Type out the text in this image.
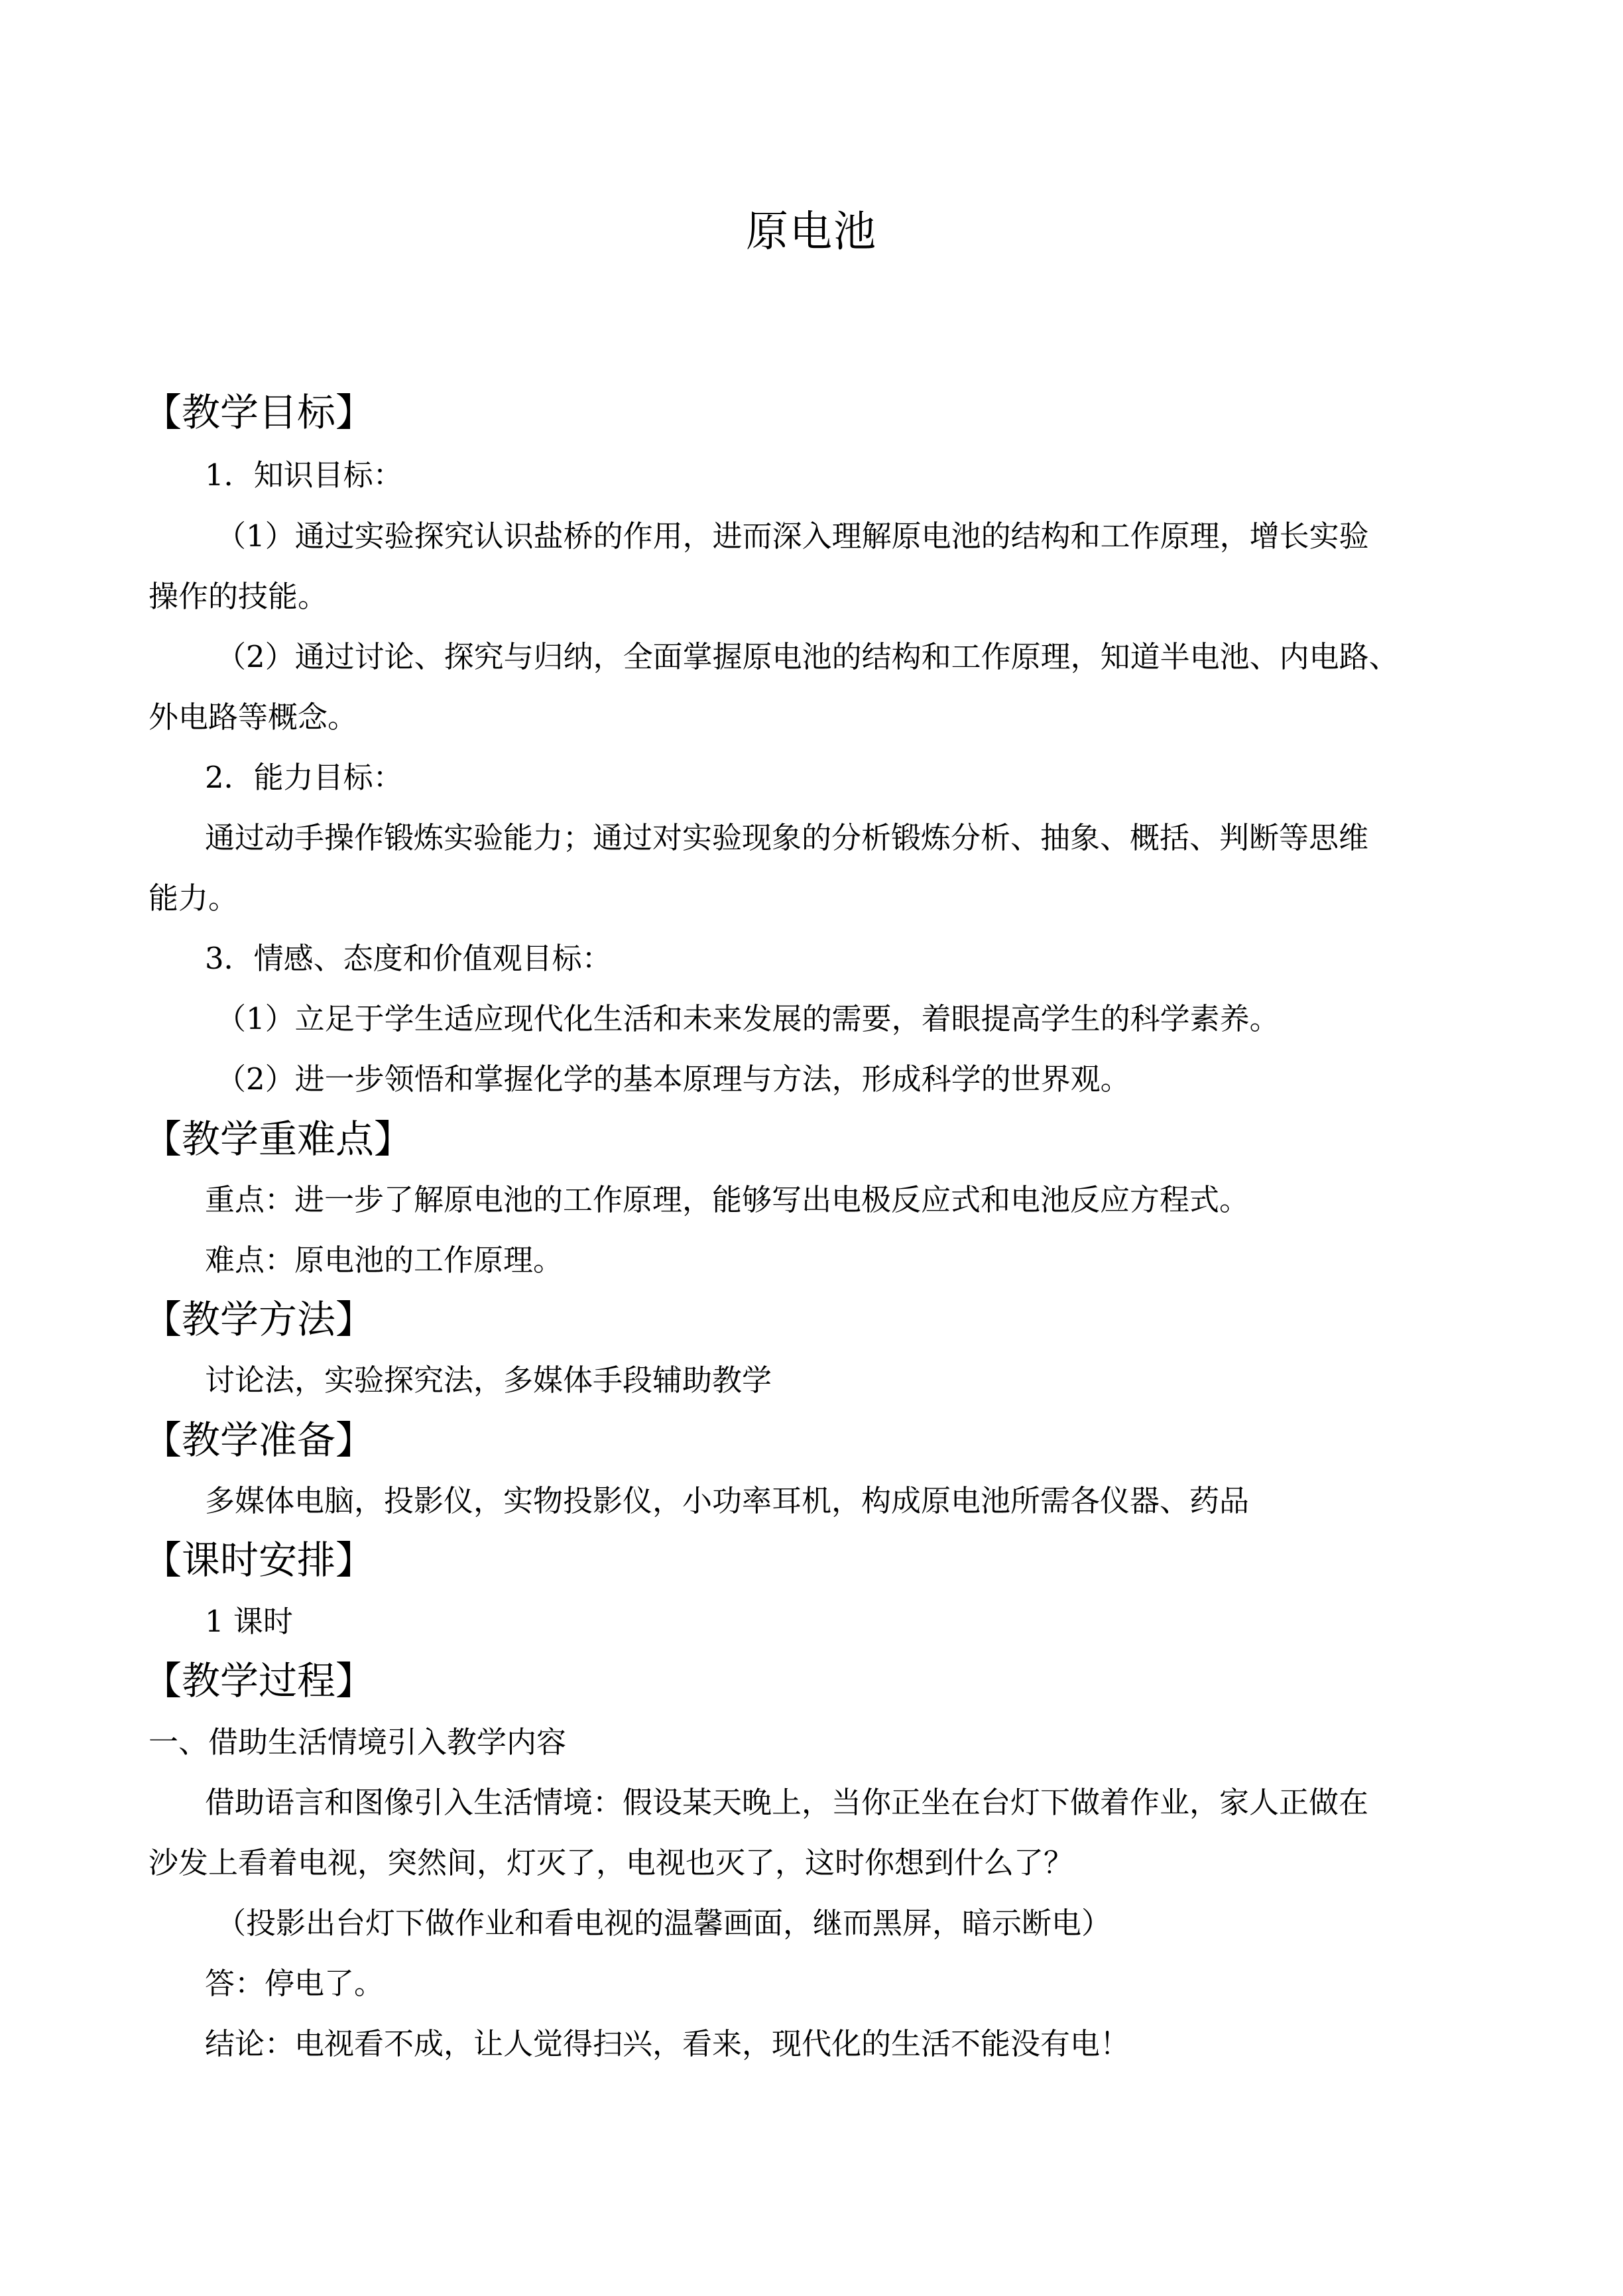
原电池
【教学目标】
1．知识目标：
（1）通过实验探究认识盐桥的作用，进而深入理解原电池的结构和工作原理，增长实验
操作的技能。
（2）通过讨论、探究与归纳，全面掌握原电池的结构和工作原理，知道半电池、内电路、
外电路等概念。
2．能力目标：
通过动手操作锻炼实验能力；通过对实验现象的分析锻炼分析、抽象、概括、判断等思维
能力。
3．情感、态度和价值观目标：
（1）立足于学生适应现代化生活和未来发展的需要，着眼提高学生的科学素养。
（2）进一步领悟和掌握化学的基本原理与方法，形成科学的世界观。
【教学重难点】
重点：进一步了解原电池的工作原理，能够写出电极反应式和电池反应方程式。
难点：原电池的工作原理。
【教学方法】
讨论法，实验探究法，多媒体手段辅助教学
【教学准备】
多媒体电脑，投影仪，实物投影仪，小功率耳机，构成原电池所需各仪器、药品
【课时安排】
1 课时
【教学过程】
一、借助生活情境引入教学内容
借助语言和图像引入生活情境：假设某天晚上，当你正坐在台灯下做着作业，家人正做在
沙发上看着电视，突然间，灯灭了，电视也灭了，这时你想到什么了？
（投影出台灯下做作业和看电视的温馨画面，继而黑屏，暗示断电）
答：停电了。
结论：电视看不成，让人觉得扫兴，看来，现代化的生活不能没有电！
